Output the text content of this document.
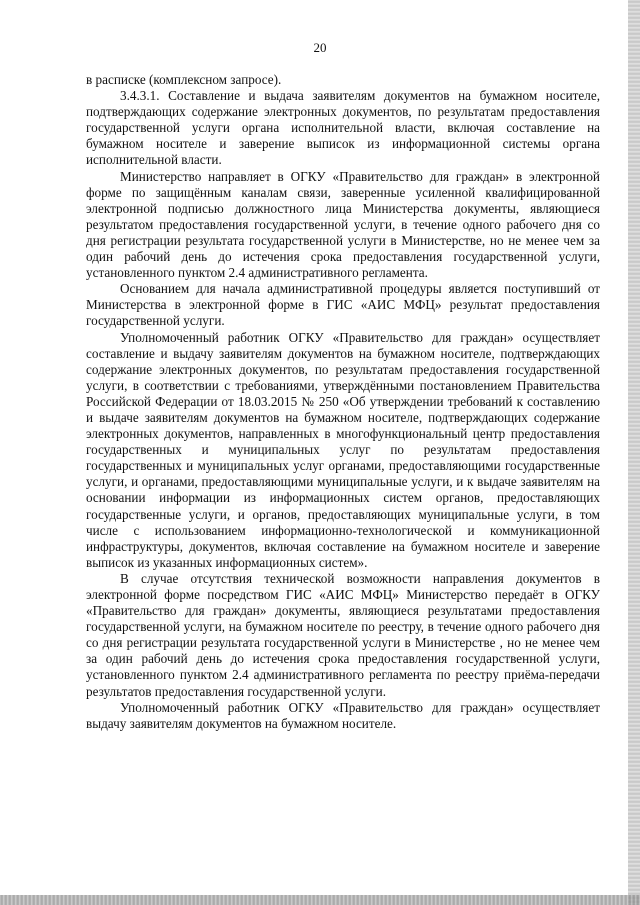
20

в расписке (комплексном запросе).

3.4.3.1. Составление и выдача заявителям документов на бумажном носителе, подтверждающих содержание электронных документов, по результатам предоставления государственной услуги органа исполнительной власти, включая составление на бумажном носителе и заверение выписок из информационной системы органа исполнительной власти.

Министерство направляет в ОГКУ «Правительство для граждан» в электронной форме по защищённым каналам связи, заверенные усиленной квалифицированной электронной подписью должностного лица Министерства документы, являющиеся результатом предоставления государственной услуги, в течение одного рабочего дня со дня регистрации результата государственной услуги в Министерстве, но не менее чем за один рабочий день до истечения срока предоставления государственной услуги, установленного пунктом 2.4 административного регламента.

Основанием для начала административной процедуры является поступивший от Министерства в электронной форме в ГИС «АИС МФЦ» результат предоставления государственной услуги.

Уполномоченный работник ОГКУ «Правительство для граждан» осуществляет составление и выдачу заявителям документов на бумажном носителе, подтверждающих содержание электронных документов, по результатам предоставления государственной услуги, в соответствии с требованиями, утверждёнными постановлением Правительства Российской Федерации от 18.03.2015 № 250 «Об утверждении требований к составлению и выдаче заявителям документов на бумажном носителе, подтверждающих содержание электронных документов, направленных в многофункциональный центр предоставления государственных и муниципальных услуг по результатам предоставления государственных и муниципальных услуг органами, предоставляющими государственные услуги, и органами, предоставляющими муниципальные услуги, и к выдаче заявителям на основании информации из информационных систем органов, предоставляющих государственные услуги, и органов, предоставляющих муниципальные услуги, в том числе с использованием информационно-технологической и коммуникационной инфраструктуры, документов, включая составление на бумажном носителе и заверение выписок из указанных информационных систем».

В случае отсутствия технической возможности направления документов в электронной форме посредством ГИС «АИС МФЦ» Министерство передаёт в ОГКУ «Правительство для граждан» документы, являющиеся результатами предоставления государственной услуги, на бумажном носителе по реестру, в течение одного рабочего дня со дня регистрации результата государственной услуги в Министерстве , но не менее чем за один рабочий день до истечения срока предоставления государственной услуги, установленного пунктом 2.4 административного регламента по реестру приёма-передачи результатов предоставления государственной услуги.

Уполномоченный работник ОГКУ «Правительство для граждан» осуществляет выдачу заявителям документов на бумажном носителе.
